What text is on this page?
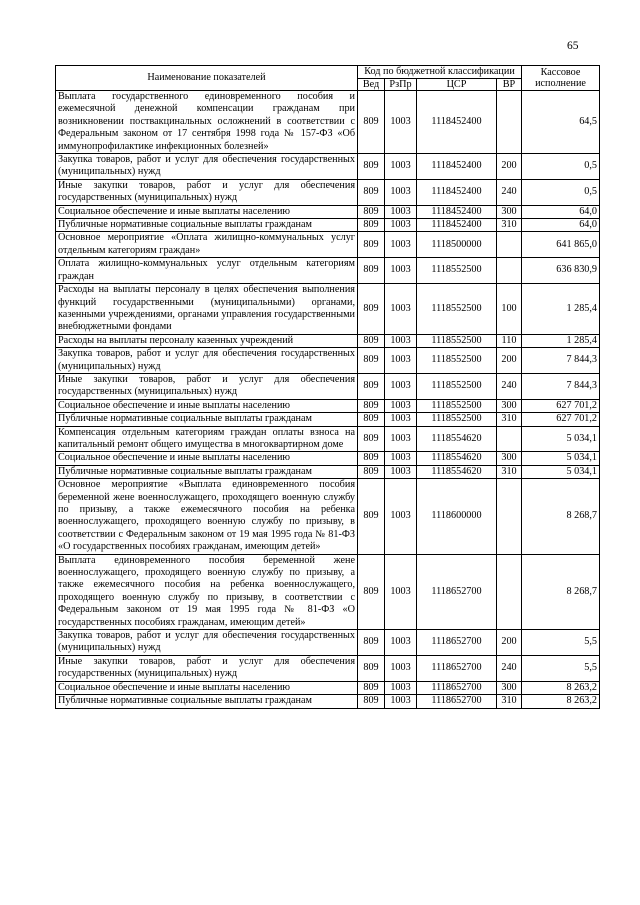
65
Наименование показателей	Код по бюджетной классификации				Кассовое исполнение
	Вед	РзПр	ЦСР	ВР	
Выплата государственного единовременного пособия и ежемесячной денежной компенсации гражданам при возникновении поствакцинальных осложнений в соответствии с Федеральным законом от 17 сентября 1998 года № 157-ФЗ «Об иммунопрофилактике инфекционных болезней»	809	1003	1118452400		64,5
Закупка товаров, работ и услуг для обеспечения государственных (муниципальных) нужд	809	1003	1118452400	200	0,5
Иные закупки товаров, работ и услуг для обеспечения государственных (муниципальных) нужд	809	1003	1118452400	240	0,5
Социальное обеспечение и иные выплаты населению	809	1003	1118452400	300	64,0
Публичные нормативные социальные выплаты гражданам	809	1003	1118452400	310	64,0
Основное мероприятие «Оплата жилищно-коммунальных услуг отдельным категориям граждан»	809	1003	1118500000		641 865,0
Оплата жилищно-коммунальных услуг отдельным категориям граждан	809	1003	1118552500		636 830,9
Расходы на выплаты персоналу в целях обеспечения выполнения функций государственными (муниципальными) органами, казенными учреждениями, органами управления государственными внебюджетными фондами	809	1003	1118552500	100	1 285,4
Расходы на выплаты персоналу казенных учреждений	809	1003	1118552500	110	1 285,4
Закупка товаров, работ и услуг для обеспечения государственных (муниципальных) нужд	809	1003	1118552500	200	7 844,3
Иные закупки товаров, работ и услуг для обеспечения государственных (муниципальных) нужд	809	1003	1118552500	240	7 844,3
Социальное обеспечение и иные выплаты населению	809	1003	1118552500	300	627 701,2
Публичные нормативные социальные выплаты гражданам	809	1003	1118552500	310	627 701,2
Компенсация отдельным категориям граждан оплаты взноса на капитальный ремонт общего имущества в многоквартирном доме	809	1003	1118554620		5 034,1
Социальное обеспечение и иные выплаты населению	809	1003	1118554620	300	5 034,1
Публичные нормативные социальные выплаты гражданам	809	1003	1118554620	310	5 034,1
Основное мероприятие «Выплата единовременного пособия беременной жене военнослужащего, проходящего военную службу по призыву, а также ежемесячного пособия на ребенка военнослужащего, проходящего военную службу по призыву, в соответствии с Федеральным законом от 19 мая 1995 года № 81-ФЗ «О государственных пособиях гражданам, имеющим детей»	809	1003	1118600000		8 268,7
Выплата единовременного пособия беременной жене военнослужащего, проходящего военную службу по призыву, а также ежемесячного пособия на ребенка военнослужащего, проходящего военную службу по призыву, в соответствии с Федеральным законом от 19 мая 1995 года № 81-ФЗ «О государственных пособиях гражданам, имеющим детей»	809	1003	1118652700		8 268,7
Закупка товаров, работ и услуг для обеспечения государственных (муниципальных) нужд	809	1003	1118652700	200	5,5
Иные закупки товаров, работ и услуг для обеспечения государственных (муниципальных) нужд	809	1003	1118652700	240	5,5
Социальное обеспечение и иные выплаты населению	809	1003	1118652700	300	8 263,2
Публичные нормативные социальные выплаты гражданам	809	1003	1118652700	310	8 263,2
